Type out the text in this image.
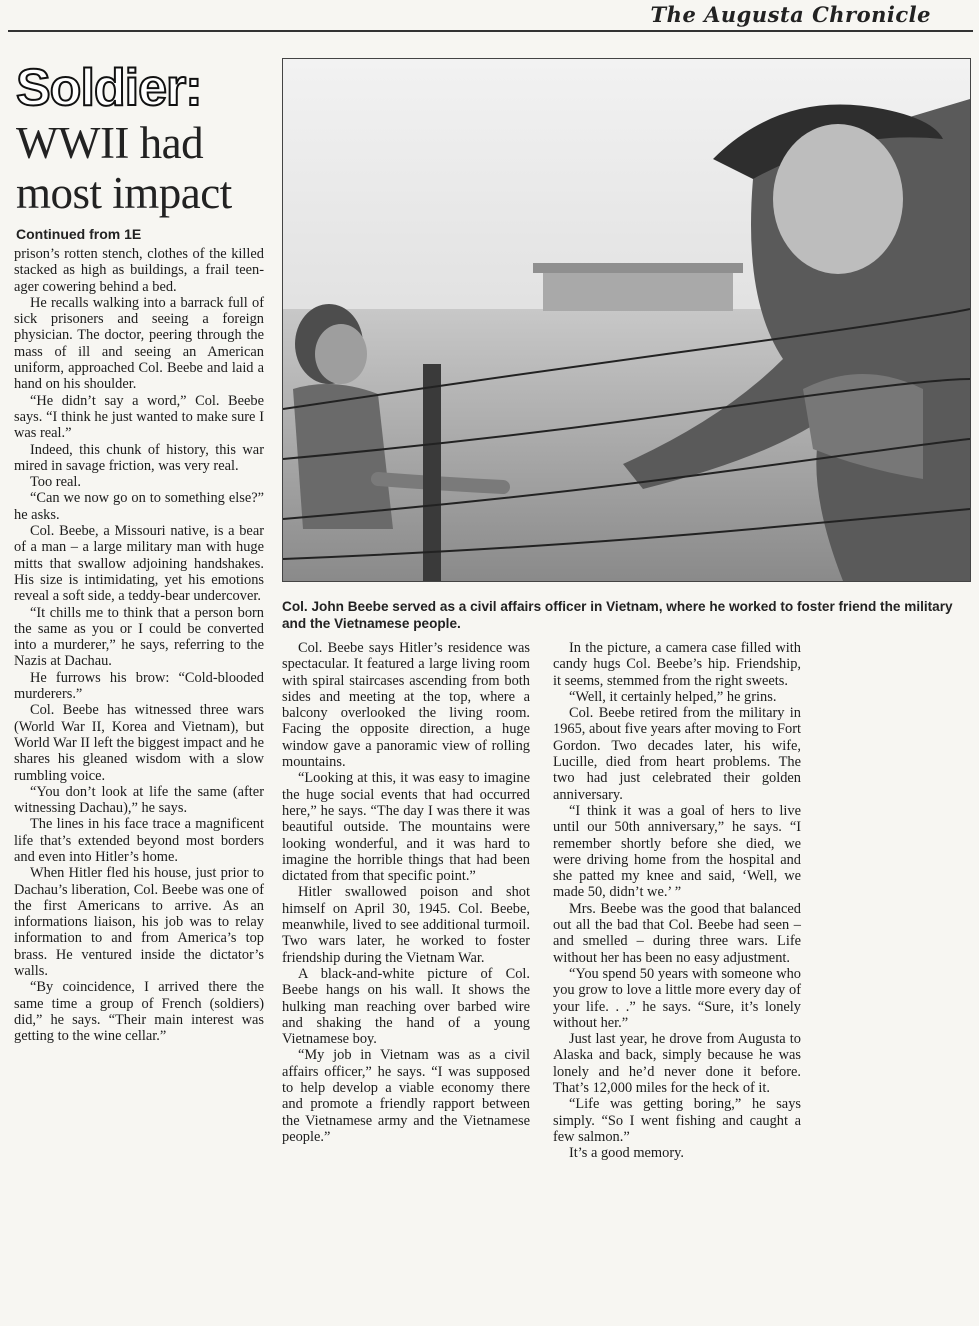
The Augusta Chronicle
Soldier:
WWII had
most impact
Continued from 1E
Col. John Beebe served as a civil affairs officer in Vietnam, where he worked to foster friend the military and the Vietnamese people.

prison’s rotten stench, clothes of the killed stacked as high as buildings, a frail teen-ager cowering behind a bed.

He recalls walking into a barrack full of sick prisoners and seeing a foreign physician. The doctor, peering through the mass of ill and seeing an American uniform, approached Col. Beebe and laid a hand on his shoulder.

“He didn’t say a word,” Col. Beebe says. “I think he just wanted to make sure I was real.”

Indeed, this chunk of history, this war mired in savage friction, was very real.

Too real.

“Can we now go on to something else?” he asks.

Col. Beebe, a Missouri native, is a bear of a man – a large military man with huge mitts that swallow adjoining handshakes. His size is intimidating, yet his emotions reveal a soft side, a teddy-bear undercover.

“It chills me to think that a person born the same as you or I could be converted into a murderer,” he says, referring to the Nazis at Dachau.

He furrows his brow: “Cold-blooded murderers.”

Col. Beebe has witnessed three wars (World War II, Korea and Vietnam), but World War II left the biggest impact and he shares his gleaned wisdom with a slow rumbling voice.

“You don’t look at life the same (after witnessing Dachau),” he says.

The lines in his face trace a magnificent life that’s extended beyond most borders and even into Hitler’s home.

When Hitler fled his house, just prior to Dachau’s liberation, Col. Beebe was one of the first Americans to arrive. As an informations liaison, his job was to relay information to and from America’s top brass. He ventured inside the dictator’s walls.

“By coincidence, I arrived there the same time a group of French (soldiers) did,” he says. “Their main interest was getting to the wine cellar.”

Col. Beebe says Hitler’s residence was spectacular. It featured a large living room with spiral staircases ascending from both sides and meeting at the top, where a balcony overlooked the living room. Facing the opposite direction, a huge window gave a panoramic view of rolling mountains.

“Looking at this, it was easy to imagine the huge social events that had occurred here,” he says. “The day I was there it was beautiful outside. The mountains were looking wonderful, and it was hard to imagine the horrible things that had been dictated from that specific point.”

Hitler swallowed poison and shot himself on April 30, 1945. Col. Beebe, meanwhile, lived to see additional turmoil. Two wars later, he worked to foster friendship during the Vietnam War.

A black-and-white picture of Col. Beebe hangs on his wall. It shows the hulking man reaching over barbed wire and shaking the hand of a young Vietnamese boy.

“My job in Vietnam was as a civil affairs officer,” he says. “I was supposed to help develop a viable economy there and promote a friendly rapport between the Vietnamese army and the Vietnamese people.”

In the picture, a camera case filled with candy hugs Col. Beebe’s hip. Friendship, it seems, stemmed from the right sweets.

“Well, it certainly helped,” he grins.

Col. Beebe retired from the military in 1965, about five years after moving to Fort Gordon. Two decades later, his wife, Lucille, died from heart problems. The two had just celebrated their golden anniversary.

“I think it was a goal of hers to live until our 50th anniversary,” he says. “I remember shortly before she died, we were driving home from the hospital and she patted my knee and said, ‘Well, we made 50, didn’t we.’ ”

Mrs. Beebe was the good that balanced out all the bad that Col. Beebe had seen – and smelled – during three wars. Life without her has been no easy adjustment.

“You spend 50 years with someone who you grow to love a little more every day of your life. . .” he says. “Sure, it’s lonely without her.”

Just last year, he drove from Augusta to Alaska and back, simply because he was lonely and he’d never done it before. That’s 12,000 miles for the heck of it.

“Life was getting boring,” he says simply. “So I went fishing and caught a few salmon.”

It’s a good memory.
